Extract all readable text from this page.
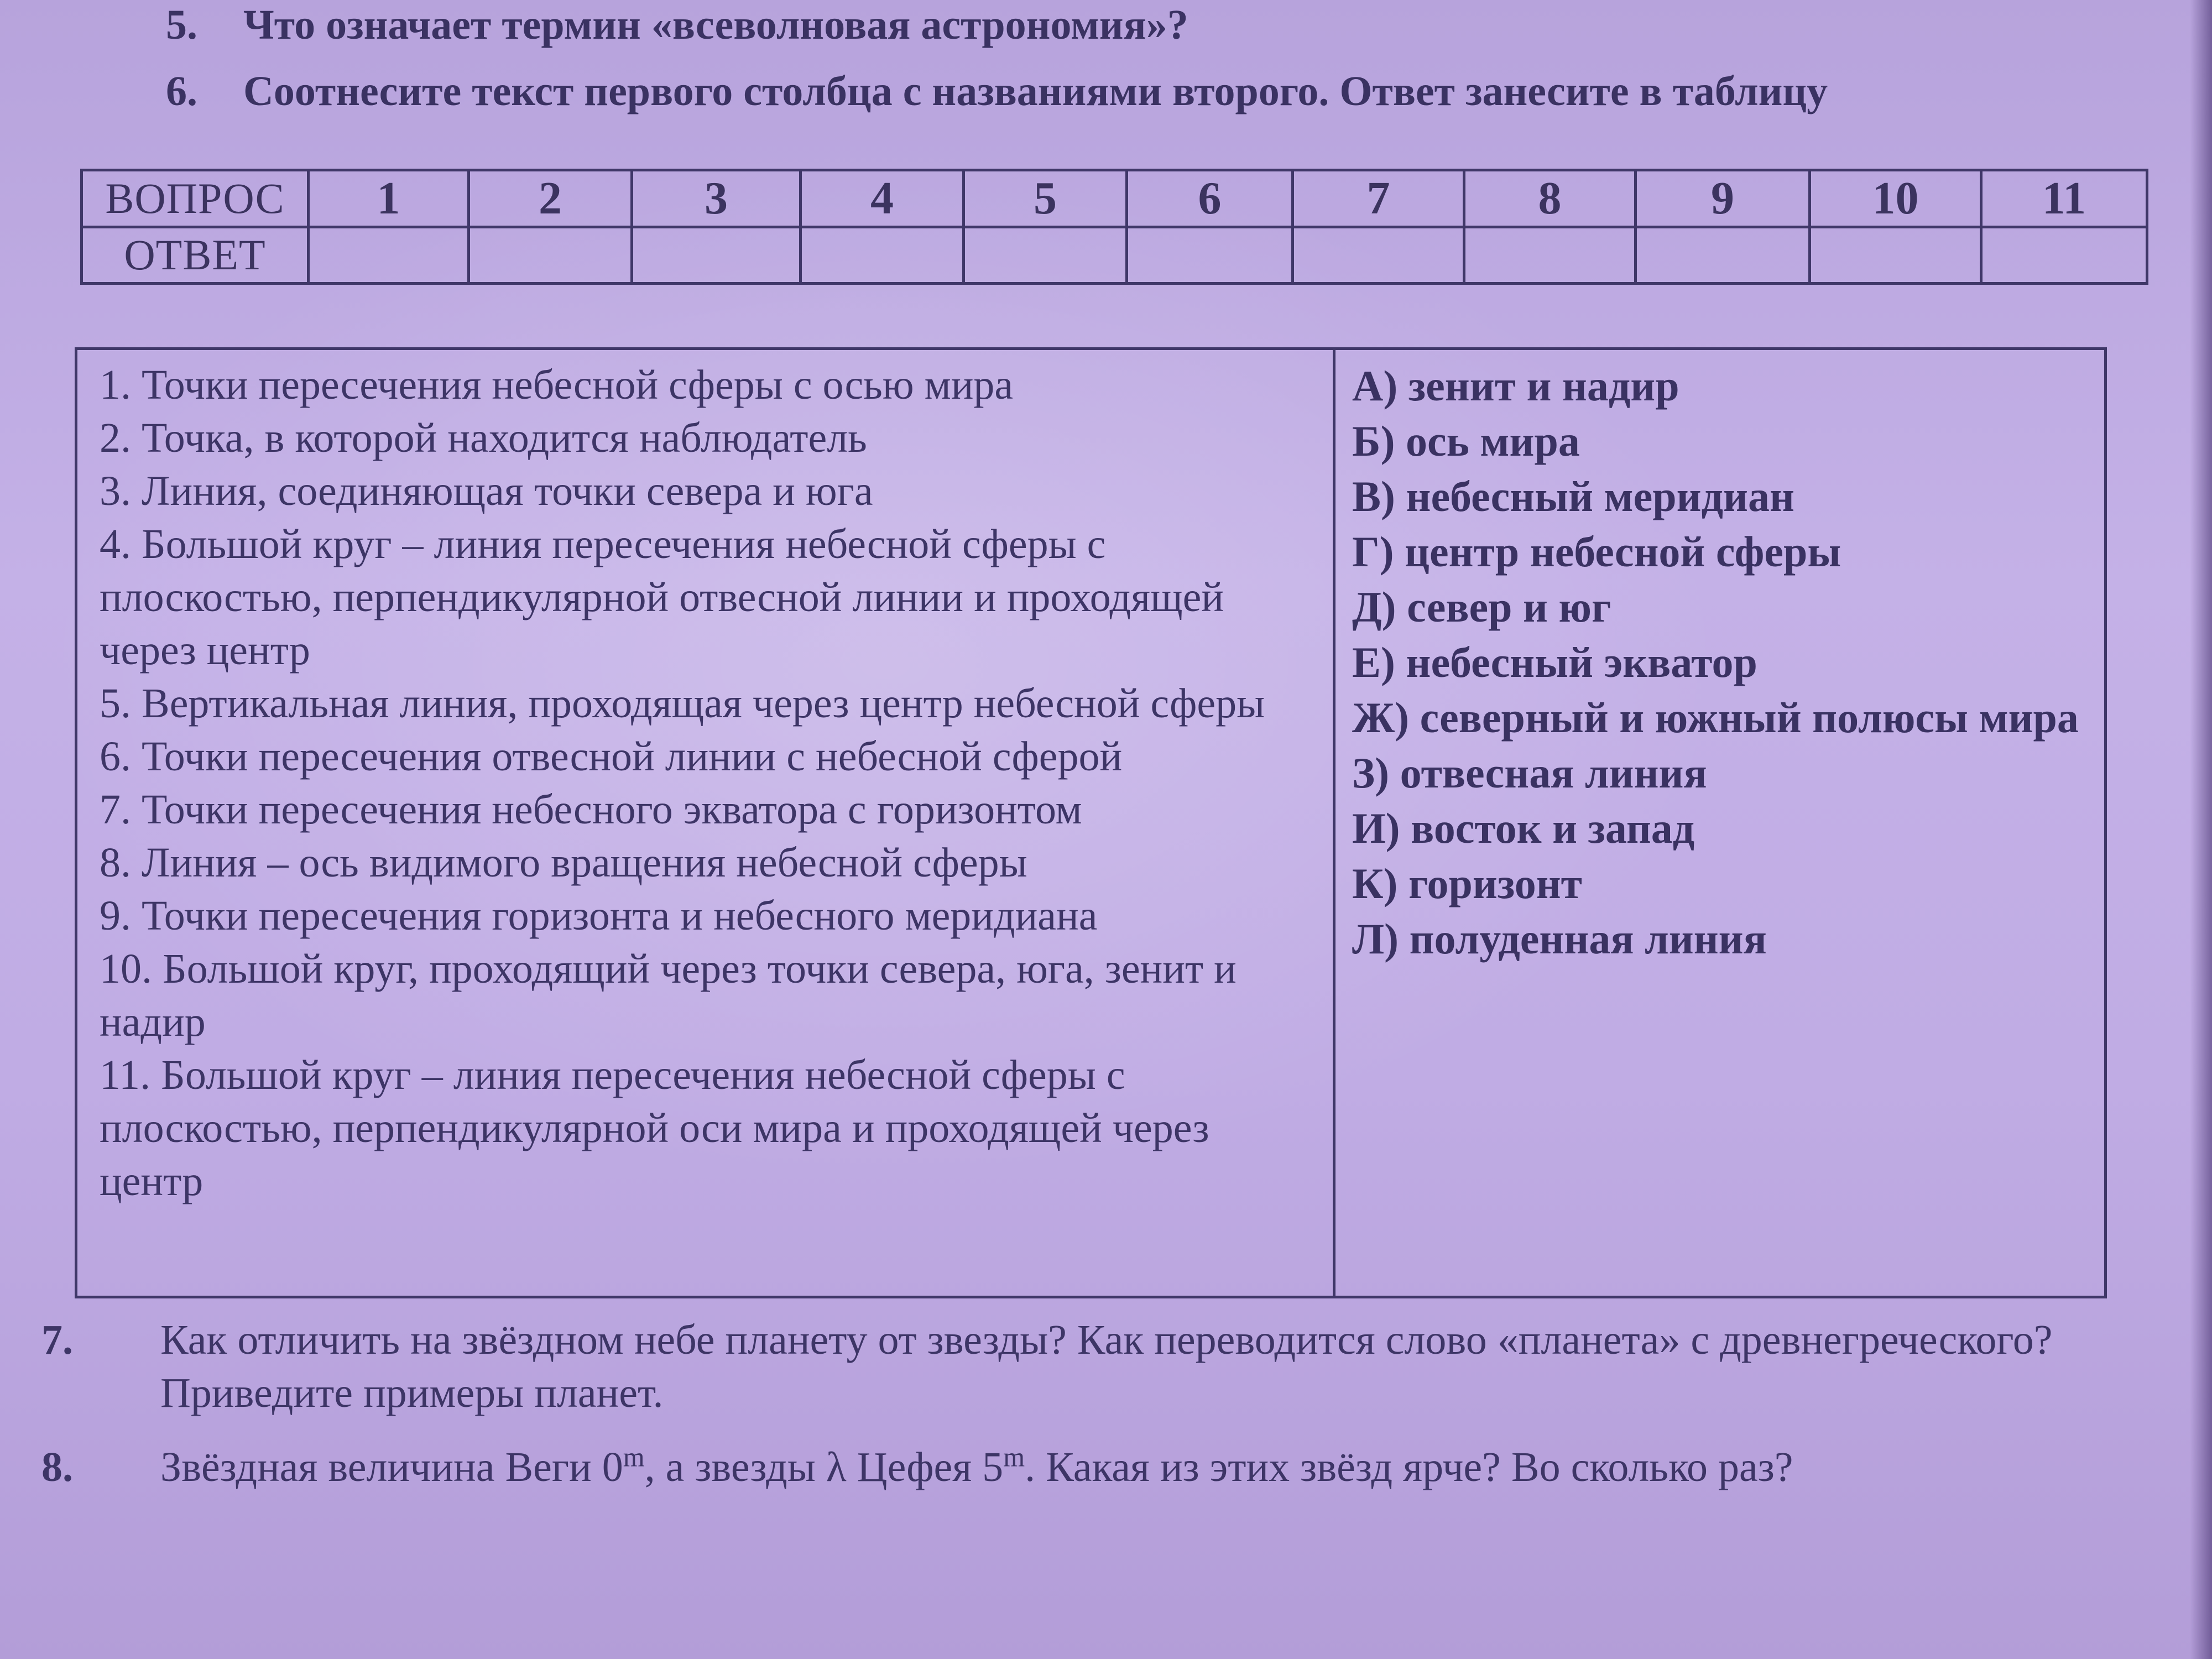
5. Что означает термин «всеволновая астрономия»?
6. Соотнесите текст первого столбца с названиями второго. Ответ занесите в таблицу
ВОПРОС	1	2	3	4	5	6	7	8	9	10	11
ОТВЕТ											
1. Точки пересечения небесной сферы с осью мира
2. Точка, в которой находится наблюдатель
3. Линия, соединяющая точки севера и юга
4. Большой круг – линия пересечения небесной сферы с плоскостью, перпендикулярной отвесной линии и проходящей через центр
5. Вертикальная линия, проходящая через центр небесной сферы
6. Точки пересечения отвесной линии с небесной сферой
7. Точки пересечения небесного экватора с горизонтом
8. Линия – ось видимого вращения небесной сферы
9. Точки пересечения горизонта и небесного меридиана
10. Большой круг, проходящий через точки севера, юга, зенит и надир
11. Большой круг – линия пересечения небесной сферы с плоскостью, перпендикулярной оси мира и проходящей через центр
А) зенит и надир
Б) ось мира
В) небесный меридиан
Г) центр небесной сферы
Д) север и юг
Е) небесный экватор
Ж) северный и южный полюсы мира
З) отвесная линия
И) восток и запад
К) горизонт
Л) полуденная линия
7.	Как отличить на звёздном небе планету от звезды? Как переводится слово «планета» с древнегреческого? Приведите примеры планет.
8.	Звёздная величина Веги 0$^m$, а звезды λ Цефея 5$^m$. Какая из этих звёзд ярче? Во сколько раз?
